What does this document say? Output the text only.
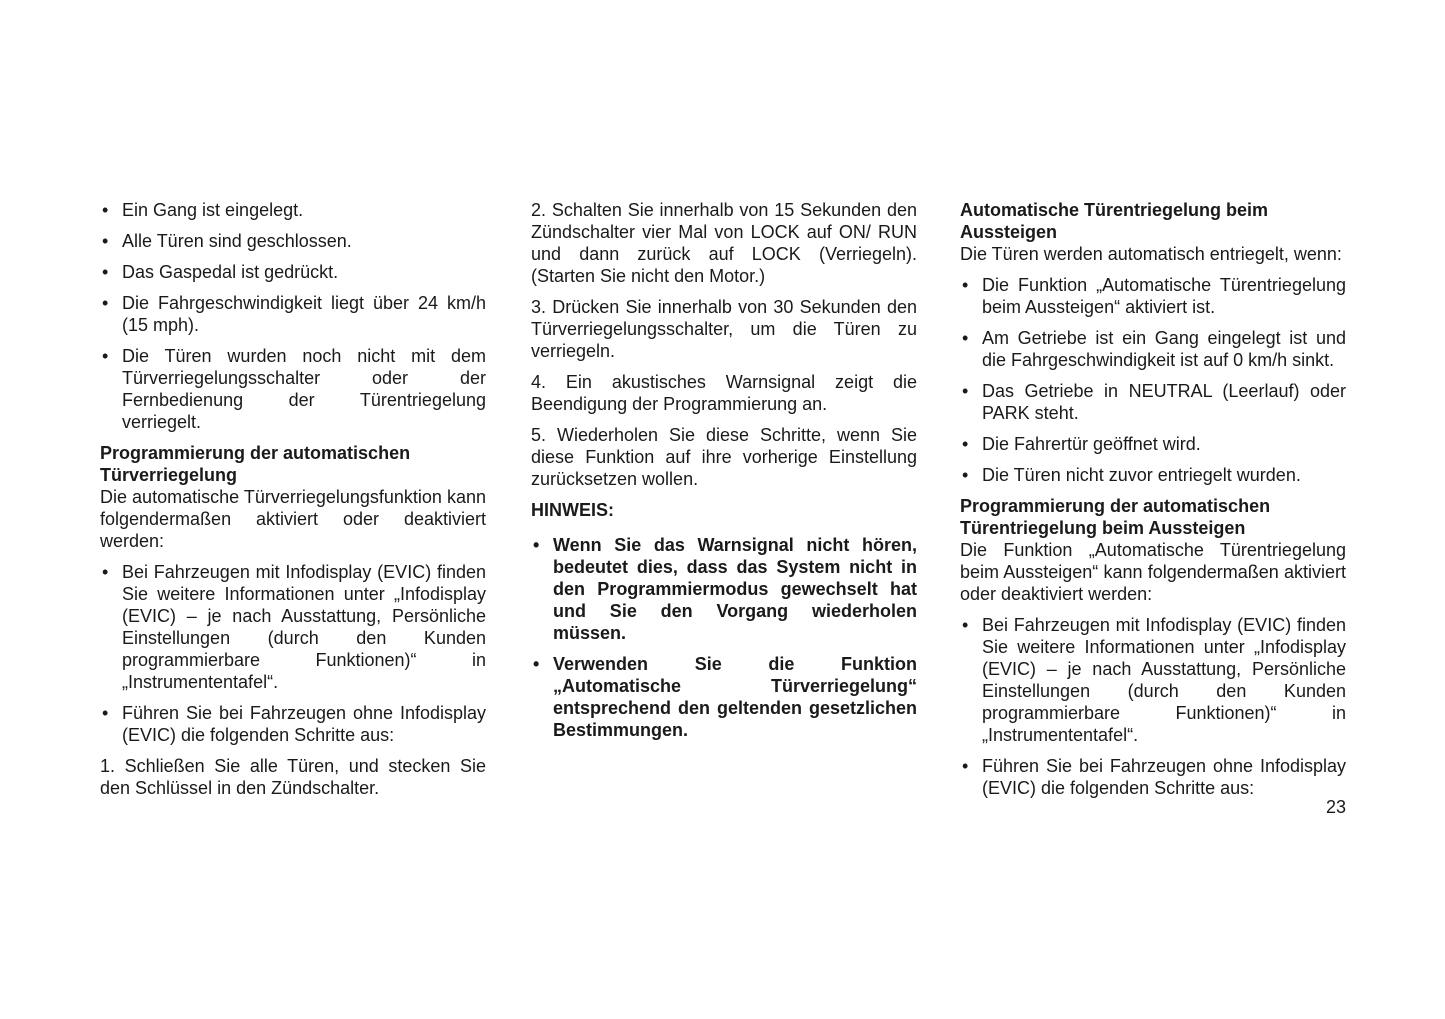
• Ein Gang ist eingelegt.
• Alle Türen sind geschlossen.
• Das Gaspedal ist gedrückt.
• Die Fahrgeschwindigkeit liegt über 24 km/h (15 mph).
• Die Türen wurden noch nicht mit dem Türverriegelungsschalter oder der Fernbedienung der Türentriegelung verriegelt.
Programmierung der automatischen Türverriegelung

Die automatische Türverriegelungsfunktion kann folgendermaßen aktiviert oder deaktiviert werden:

• Bei Fahrzeugen mit Infodisplay (EVIC) finden Sie weitere Informationen unter „Infodisplay (EVIC) – je nach Ausstattung, Persönliche Einstellungen (durch den Kunden programmierbare Funktionen)“ in „Instrumententafel“.
• Führen Sie bei Fahrzeugen ohne Infodisplay (EVIC) die folgenden Schritte aus:

1. Schließen Sie alle Türen, und stecken Sie den Schlüssel in den Zündschalter.

2. Schalten Sie innerhalb von 15 Sekunden den Zündschalter vier Mal von LOCK auf ON/ RUN und dann zurück auf LOCK (Verriegeln). (Starten Sie nicht den Motor.)

3. Drücken Sie innerhalb von 30 Sekunden den Türverriegelungsschalter, um die Türen zu verriegeln.

4. Ein akustisches Warnsignal zeigt die Beendigung der Programmierung an.

5. Wiederholen Sie diese Schritte, wenn Sie diese Funktion auf ihre vorherige Einstellung zurücksetzen wollen.

HINWEIS:
• Wenn Sie das Warnsignal nicht hören, bedeutet dies, dass das System nicht in den Programmiermodus gewechselt hat und Sie den Vorgang wiederholen müssen.
• Verwenden Sie die Funktion „Automatische Türverriegelung“ entsprechend den geltenden gesetzlichen Bestimmungen.
Automatische Türentriegelung beim Aussteigen

Die Türen werden automatisch entriegelt, wenn:

• Die Funktion „Automatische Türentriegelung beim Aussteigen“ aktiviert ist.
• Am Getriebe ist ein Gang eingelegt ist und die Fahrgeschwindigkeit ist auf 0 km/h sinkt.
• Das Getriebe in NEUTRAL (Leerlauf) oder PARK steht.
• Die Fahrertür geöffnet wird.
• Die Türen nicht zuvor entriegelt wurden.
Programmierung der automatischen Türentriegelung beim Aussteigen

Die Funktion „Automatische Türentriegelung beim Aussteigen“ kann folgendermaßen aktiviert oder deaktiviert werden:

• Bei Fahrzeugen mit Infodisplay (EVIC) finden Sie weitere Informationen unter „Infodisplay (EVIC) – je nach Ausstattung, Persönliche Einstellungen (durch den Kunden programmierbare Funktionen)“ in „Instrumententafel“.
• Führen Sie bei Fahrzeugen ohne Infodisplay (EVIC) die folgenden Schritte aus:
23
